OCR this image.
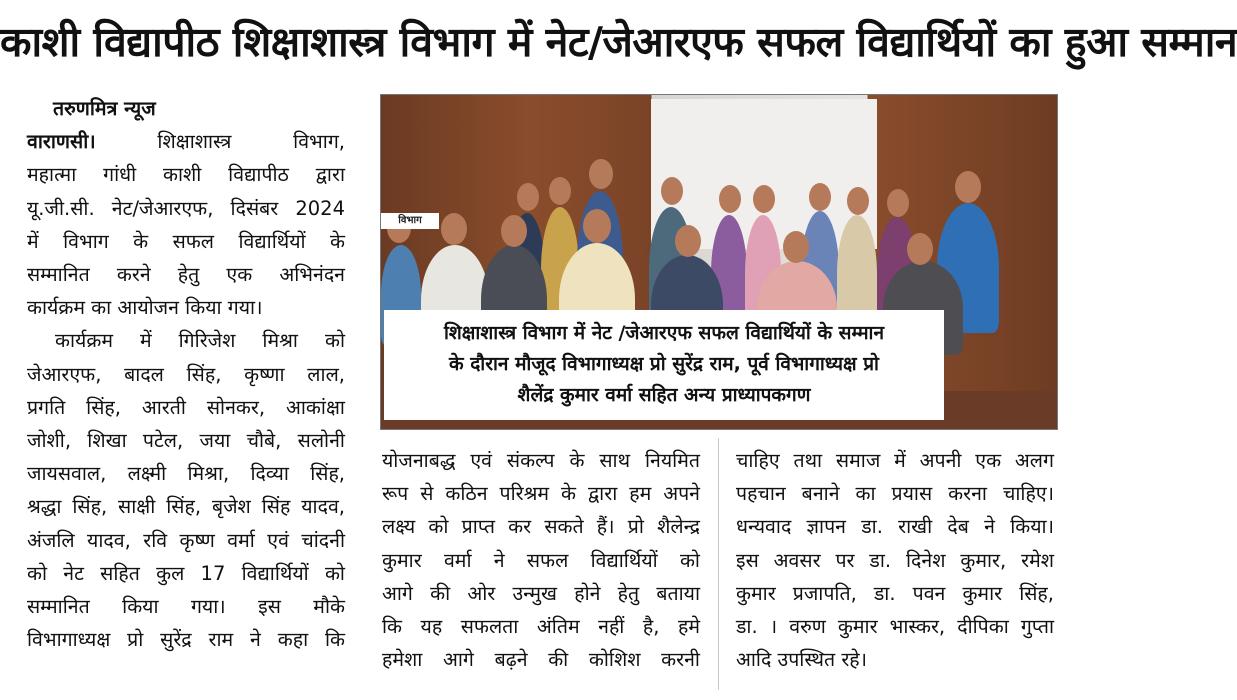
काशी विद्यापीठ शिक्षाशास्त्र विभाग में नेट/जेआरएफ सफल विद्यार्थियों का हुआ सम्मान

तरुणमित्र न्यूज

वाराणसी। शिक्षाशास्त्र विभाग,

महात्मा गांधी काशी विद्यापीठ द्वारा

यू.जी.सी. नेट/जेआरएफ, दिसंबर 2024

में विभाग के सफल विद्यार्थियों के

सम्मानित करने हेतु एक अभिनंदन

कार्यक्रम का आयोजन किया गया।

कार्यक्रम में गिरिजेश मिश्रा को

जेआरएफ, बादल सिंह, कृष्णा लाल,

प्रगति सिंह, आरती सोनकर, आकांक्षा

जोशी, शिखा पटेल, जया चौबे, सलोनी

जायसवाल, लक्ष्मी मिश्रा, दिव्या सिंह,

श्रद्धा सिंह, साक्षी सिंह, बृजेश सिंह यादव,

अंजलि यादव, रवि कृष्ण वर्मा एवं चांदनी

को नेट सहित कुल 17 विद्यार्थियों को

सम्मानित किया गया। इस मौके

विभागाध्यक्ष प्रो सुरेंद्र राम ने कहा कि

विभाग
शिक्षाशास्त्र विभाग में नेट /जेआरएफ सफल विद्यार्थियों के सम्मान
के दौरान मौजूद विभागाध्यक्ष प्रो सुरेंद्र राम, पूर्व विभागाध्यक्ष प्रो
शैलेंद्र कुमार वर्मा सहित अन्य प्राध्यापकगण

योजनाबद्ध एवं संकल्प के साथ नियमित

रूप से कठिन परिश्रम के द्वारा हम अपने

लक्ष्य को प्राप्त कर सकते हैं। प्रो शैलेन्द्र

कुमार वर्मा ने सफल विद्यार्थियों को

आगे की ओर उन्मुख होने हेतु बताया

कि यह सफलता अंतिम नहीं है, हमे

हमेशा आगे बढ़ने की कोशिश करनी

चाहिए तथा समाज में अपनी एक अलग

पहचान बनाने का प्रयास करना चाहिए।

धन्यवाद ज्ञापन डा. राखी देब ने किया।

इस अवसर पर डा. दिनेश कुमार, रमेश

कुमार प्रजापति, डा. पवन कुमार सिंह,

डा. । वरुण कुमार भास्कर, दीपिका गुप्ता

आदि उपस्थित रहे।
